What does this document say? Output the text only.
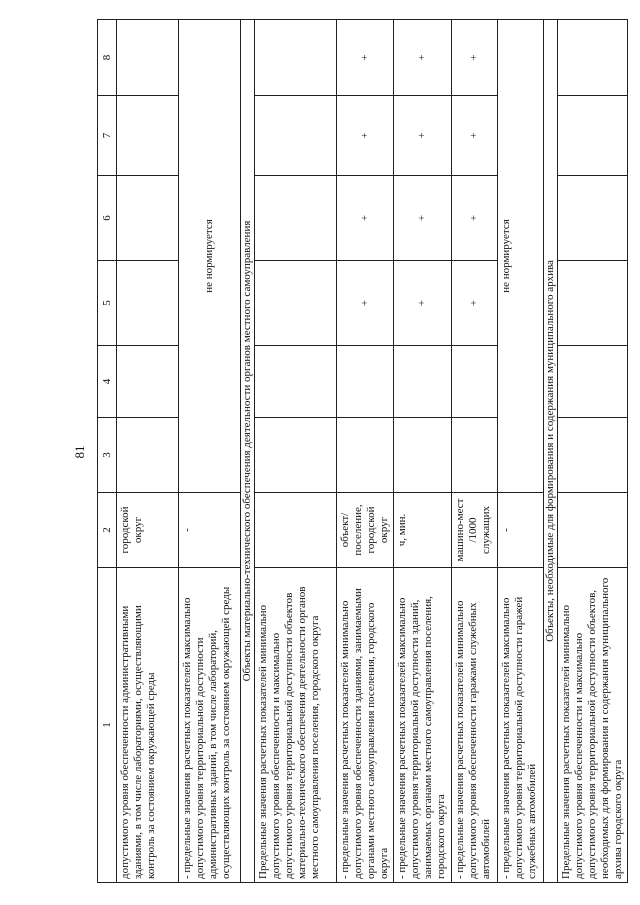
81
1	2	3	4	5	6	7	8
допустимого уровня обеспеченности административными зданиями, в том числе лабораториями, осуществляющими контроль за состоянием окружающей среды	городской округ						
- предельные значения расчетных показателей максимально допустимого уровня территориальной доступности административных зданий, в том числе лабораторий, осуществляющих контроль за состоянием окружающей среды	-	не нормируется					
Объекты материально-технического обеспечения деятельности органов местного самоуправления							
Предельные значения расчетных показателей минимально допустимого уровня обеспеченности и максимально допустимого уровня территориальной доступности объектов материально-технического обеспечения деятельности органов местного самоуправления поселения, городского округа							
- предельные значения расчетных показателей минимально допустимого уровня обеспеченности зданиями, занимаемыми органами местного самоуправления поселения, городского округа	объект/ поселение, городской округ			+	+	+	+
- предельные значения расчетных показателей максимально допустимого уровня территориальной доступности зданий, занимаемых органами местного самоуправления поселения, городского округа	ч, мин.			+	+	+	+
- предельные значения расчетных показателей минимально допустимого уровня обеспеченности гаражами служебных автомобилей	машино-мест /1000 служащих			+	+	+	+
- предельные значения расчетных показателей максимально допустимого уровня территориальной доступности гаражей служебных автомобилей	-	не нормируется					
Объекты, необходимые для формирования и содержания муниципального архива							
Предельные значения расчетных показателей минимально допустимого уровня обеспеченности и максимально допустимого уровня территориальной доступности объектов, необходимых для формирования и содержания муниципального архива городского округа							
